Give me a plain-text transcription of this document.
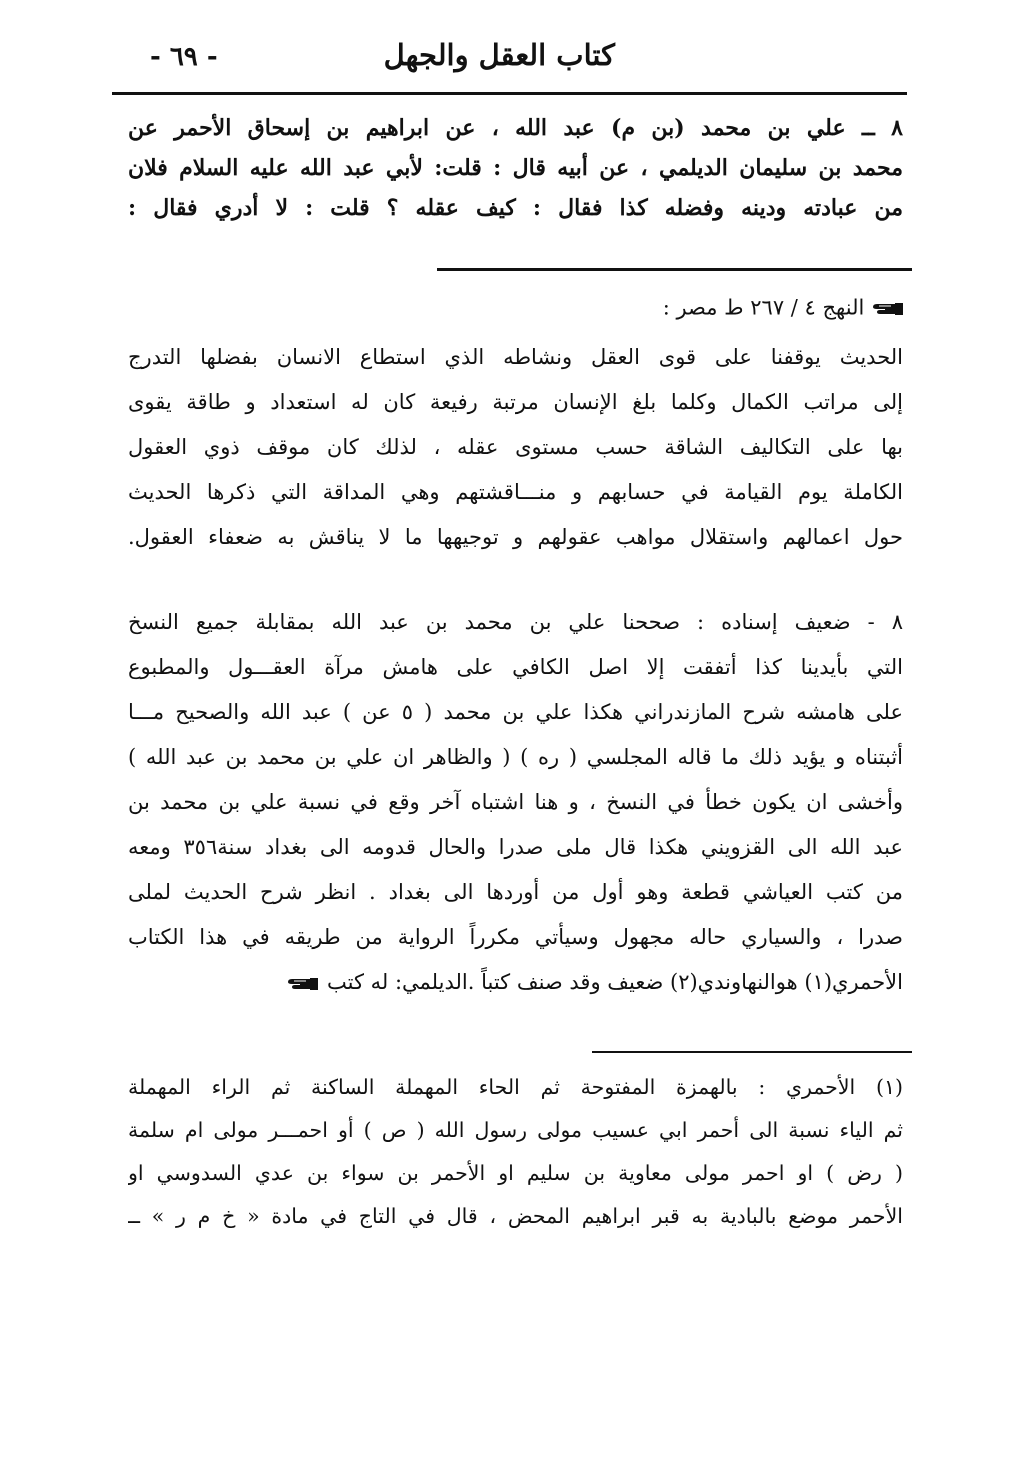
كتاب العقل والجهل
- ٦٩ -
٨ ــ علي بن محمد (بن م) عبد الله ، عن ابراهيم بن إسحاق الأحمر عن
محمد بن سليمان الديلمي ، عن أبيه قال : قلت: لأبي عبد الله عليه السلام فلان
من عبادته ودينه وفضله كذا فقال : كيف عقله ؟ قلت : لا أدري فقال :
النهج ٤ / ٢٦٧ ط مصر :
الحديث يوقفنا على قوى العقل ونشاطه الذي استطاع الانسان بفضلها التدرج
إلى مراتب الكمال وكلما بلغ الإنسان مرتبة رفيعة كان له استعداد و طاقة يقوى
بها على التكاليف الشاقة حسب مستوى عقله ، لذلك كان موقف ذوي العقول
الكاملة يوم القيامة في حسابهم و منـــاقشتهم وهي المداقة التي ذكرها الحديث
حول اعمالهم واستقلال مواهب عقولهم و توجيهها ما لا يناقش به ضعفاء العقول.
٨ - ضعيف إسناده : صححنا علي بن محمد بن عبد الله بمقابلة جميع النسخ
التي بأيدينا كذا أتفقت إلا اصل الكافي على هامش مرآة العقـــول والمطبوع
على هامشه شرح المازندراني هكذا علي بن محمد ( ٥ عن ) عبد الله والصحيح مـــا
أثبتناه و يؤيد ذلك ما قاله المجلسي ( ره ) ( والظاهر ان علي بن محمد بن عبد الله )
وأخشى ان يكون خطأ في النسخ ، و هنا اشتباه آخر وقع في نسبة علي بن محمد بن
عبد الله الى القزويني هكذا قال ملى صدرا والحال قدومه الى بغداد سنة٣٥٦ ومعه
من كتب العياشي قطعة وهو أول من أوردها الى بغداد . انظر شرح الحديث لملى
صدرا ، والسياري حاله مجهول وسيأتي مكرراً الرواية من طريقه في هذا الكتاب
الأحمري(١) هوالنهاوندي(٢) ضعيف وقد صنف كتباً .الديلمي: له كتب
(١) الأحمري : بالهمزة المفتوحة ثم الحاء المهملة الساكنة ثم الراء المهملة
ثم الياء نسبة الى أحمر ابي عسيب مولى رسول الله ( ص ) أو احمـــر مولى ام سلمة
( رض ) او احمر مولى معاوية بن سليم او الأحمر بن سواء بن عدي السدوسي او
الأحمر موضع بالبادية به قبر ابراهيم المحض ، قال في التاج في مادة « خ م ر » ــ
